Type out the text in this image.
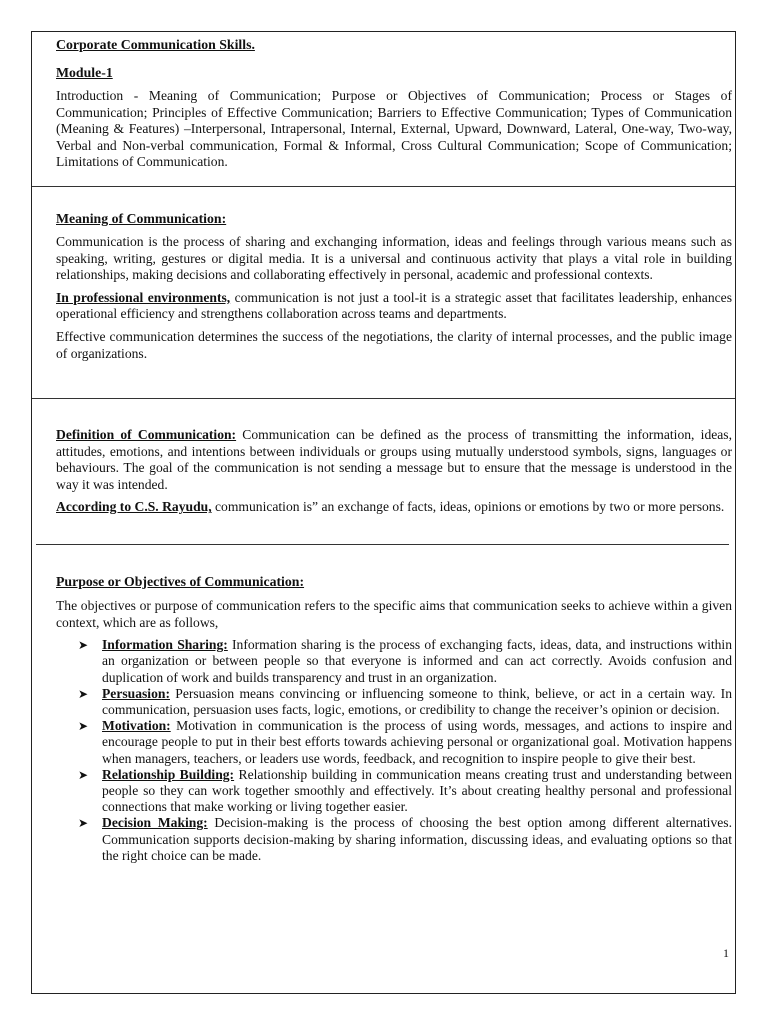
Corporate Communication Skills.

Module-1

Introduction - Meaning of Communication; Purpose or Objectives of Communication; Process or Stages of Communication; Principles of Effective Communication; Barriers to Effective Communication; Types of Communication (Meaning & Features) –Interpersonal, Intrapersonal, Internal, External, Upward, Downward, Lateral, One-way, Two-way, Verbal and Non-verbal communication, Formal & Informal, Cross Cultural Communication; Scope of Communication; Limitations of Communication.

Meaning of Communication:

Communication is the process of sharing and exchanging information, ideas and feelings through various means such as speaking, writing, gestures or digital media. It is a universal and continuous activity that plays a vital role in building relationships, making decisions and collaborating effectively in personal, academic and professional contexts.

In professional environments, communication is not just a tool-it is a strategic asset that facilitates leadership, enhances operational efficiency and strengthens collaboration across teams and departments.

Effective communication determines the success of the negotiations, the clarity of internal processes, and the public image of organizations.

Definition of Communication: Communication can be defined as the process of transmitting the information, ideas, attitudes, emotions, and intentions between individuals or groups using mutually understood symbols, signs, languages or behaviours. The goal of the communication is not sending a message but to ensure that the message is understood in the way it was intended.

According to C.S. Rayudu, communication is” an exchange of facts, ideas, opinions or emotions by two or more persons.

Purpose or Objectives of Communication:

The objectives or purpose of communication refers to the specific aims that communication seeks to achieve within a given context, which are as follows,

➤ Information Sharing: Information sharing is the process of exchanging facts, ideas, data, and instructions within an organization or between people so that everyone is informed and can act correctly. Avoids confusion and duplication of work and builds transparency and trust in an organization.
➤ Persuasion: Persuasion means convincing or influencing someone to think, believe, or act in a certain way. In communication, persuasion uses facts, logic, emotions, or credibility to change the receiver’s opinion or decision.
➤ Motivation: Motivation in communication is the process of using words, messages, and actions to inspire and encourage people to put in their best efforts towards achieving personal or organizational goal. Motivation happens when managers, teachers, or leaders use words, feedback, and recognition to inspire people to give their best.
➤ Relationship Building: Relationship building in communication means creating trust and understanding between people so they can work together smoothly and effectively. It’s about creating healthy personal and professional connections that make working or living together easier.
➤ Decision Making: Decision-making is the process of choosing the best option among different alternatives. Communication supports decision-making by sharing information, discussing ideas, and evaluating options so that the right choice can be made.
1
